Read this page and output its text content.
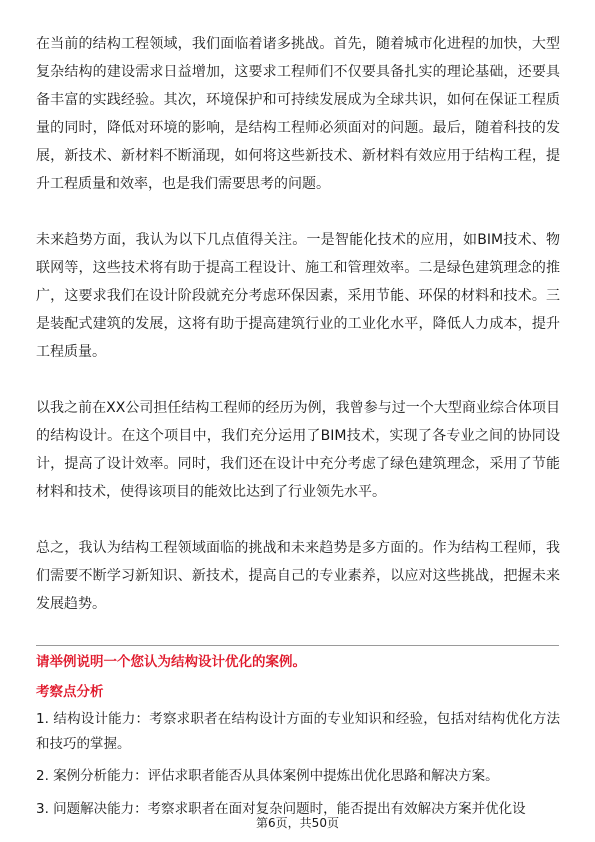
在当前的结构工程领域，我们面临着诸多挑战。首先，随着城市化进程的加快，大型复杂结构的建设需求日益增加，这要求工程师们不仅要具备扎实的理论基础，还要具备丰富的实践经验。其次，环境保护和可持续发展成为全球共识，如何在保证工程质量的同时，降低对环境的影响，是结构工程师必须面对的问题。最后，随着科技的发展，新技术、新材料不断涌现，如何将这些新技术、新材料有效应用于结构工程，提升工程质量和效率，也是我们需要思考的问题。

未来趋势方面，我认为以下几点值得关注。一是智能化技术的应用，如BIM技术、物联网等，这些技术将有助于提高工程设计、施工和管理效率。二是绿色建筑理念的推广，这要求我们在设计阶段就充分考虑环保因素，采用节能、环保的材料和技术。三是装配式建筑的发展，这将有助于提高建筑行业的工业化水平，降低人力成本，提升工程质量。

以我之前在XX公司担任结构工程师的经历为例，我曾参与过一个大型商业综合体项目的结构设计。在这个项目中，我们充分运用了BIM技术，实现了各专业之间的协同设计，提高了设计效率。同时，我们还在设计中充分考虑了绿色建筑理念，采用了节能材料和技术，使得该项目的能效比达到了行业领先水平。

总之，我认为结构工程领域面临的挑战和未来趋势是多方面的。作为结构工程师，我们需要不断学习新知识、新技术，提高自己的专业素养，以应对这些挑战，把握未来发展趋势。

请举例说明一个您认为结构设计优化的案例。
考察点分析
1. 结构设计能力：考察求职者在结构设计方面的专业知识和经验，包括对结构优化方法和技巧的掌握。
2. 案例分析能力：评估求职者能否从具体案例中提炼出优化思路和解决方案。
3. 问题解决能力：考察求职者在面对复杂问题时，能否提出有效解决方案并优化设
第6页，共50页
